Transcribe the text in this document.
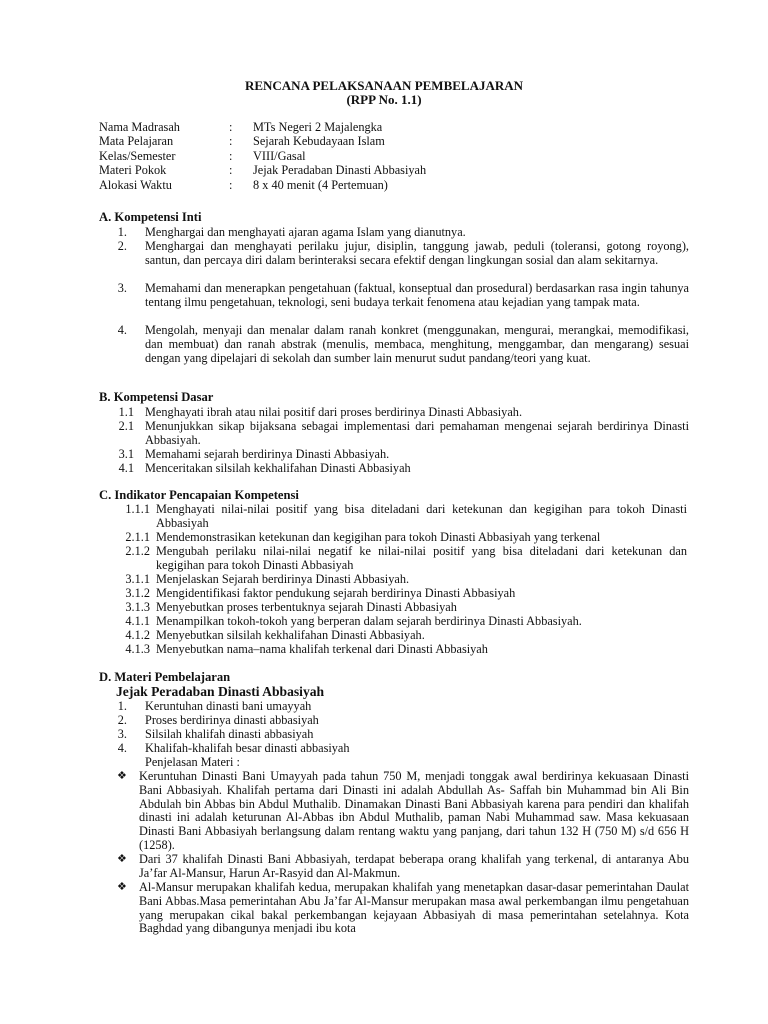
RENCANA PELAKSANAAN PEMBELAJARAN
(RPP No. 1.1)
Nama Madrasah	:	MTs Negeri 2 Majalengka
Mata Pelajaran	:	Sejarah Kebudayaan Islam
Kelas/Semester	:	VIII/Gasal
Materi Pokok	:	Jejak Peradaban Dinasti Abbasiyah
Alokasi Waktu	:	8 x 40 menit (4 Pertemuan)
A. Kompetensi Inti
1. Menghargai dan menghayati ajaran agama Islam yang dianutnya.
2. Menghargai dan menghayati perilaku jujur, disiplin, tanggung jawab, peduli (toleransi, gotong royong), santun, dan percaya diri dalam berinteraksi secara efektif dengan lingkungan sosial dan alam sekitarnya.
3. Memahami dan menerapkan pengetahuan (faktual, konseptual dan prosedural) berdasarkan rasa ingin tahunya tentang ilmu pengetahuan, teknologi, seni budaya terkait fenomena atau kejadian yang tampak mata.
4. Mengolah, menyaji dan menalar dalam ranah konkret (menggunakan, mengurai, merangkai, memodifikasi, dan membuat) dan ranah abstrak (menulis, membaca, menghitung, menggambar, dan mengarang) sesuai dengan yang dipelajari di sekolah dan sumber lain menurut sudut pandang/teori yang kuat.
B. Kompetensi Dasar
1.1 Menghayati ibrah atau nilai positif dari proses berdirinya Dinasti Abbasiyah.
2.1 Menunjukkan sikap bijaksana sebagai implementasi dari pemahaman mengenai sejarah berdirinya Dinasti Abbasiyah.
3.1 Memahami sejarah berdirinya Dinasti Abbasiyah.
4.1 Menceritakan silsilah kekhalifahan Dinasti Abbasiyah
C. Indikator Pencapaian Kompetensi
1.1.1 Menghayati nilai-nilai positif yang bisa diteladani dari ketekunan dan kegigihan para tokoh Dinasti Abbasiyah
2.1.1 Mendemonstrasikan ketekunan dan kegigihan para tokoh Dinasti Abbasiyah yang terkenal
2.1.2 Mengubah perilaku nilai-nilai negatif ke nilai-nilai positif yang bisa diteladani dari ketekunan dan kegigihan para tokoh Dinasti Abbasiyah
3.1.1 Menjelaskan Sejarah berdirinya Dinasti Abbasiyah.
3.1.2 Mengidentifikasi faktor pendukung sejarah berdirinya Dinasti Abbasiyah
3.1.3 Menyebutkan proses terbentuknya sejarah Dinasti Abbasiyah
4.1.1 Menampilkan tokoh-tokoh yang berperan dalam sejarah berdirinya Dinasti Abbasiyah.
4.1.2 Menyebutkan silsilah kekhalifahan Dinasti Abbasiyah.
4.1.3 Menyebutkan nama–nama khalifah terkenal dari Dinasti Abbasiyah
D. Materi Pembelajaran
Jejak Peradaban Dinasti Abbasiyah
1. Keruntuhan dinasti bani umayyah
2. Proses berdirinya dinasti abbasiyah
3. Silsilah khalifah dinasti abbasiyah
4. Khalifah-khalifah besar dinasti abbasiyah
Penjelasan Materi :
❖ Keruntuhan Dinasti Bani Umayyah pada tahun 750 M, menjadi tonggak awal berdirinya kekuasaan Dinasti Bani Abbasiyah. Khalifah pertama dari Dinasti ini adalah Abdullah As- Saffah bin Muhammad bin Ali Bin Abdulah bin Abbas bin Abdul Muthalib. Dinamakan Dinasti Bani Abbasiyah karena para pendiri dan khalifah dinasti ini adalah keturunan Al-Abbas ibn Abdul Muthalib, paman Nabi Muhammad saw. Masa kekuasaan Dinasti Bani Abbasiyah berlangsung dalam rentang waktu yang panjang, dari tahun 132 H (750 M) s/d 656 H (1258).
❖ Dari 37 khalifah Dinasti Bani Abbasiyah, terdapat beberapa orang khalifah yang terkenal, di antaranya Abu Ja’far Al-Mansur, Harun Ar-Rasyid dan Al-Makmun.
❖ Al-Mansur merupakan khalifah kedua, merupakan khalifah yang menetapkan dasar-dasar pemerintahan Daulat Bani Abbas.Masa pemerintahan Abu Ja’far Al-Mansur merupakan masa awal perkembangan ilmu pengetahuan yang merupakan cikal bakal perkembangan kejayaan Abbasiyah di masa pemerintahan setelahnya. Kota Baghdad yang dibangunya menjadi ibu kota
